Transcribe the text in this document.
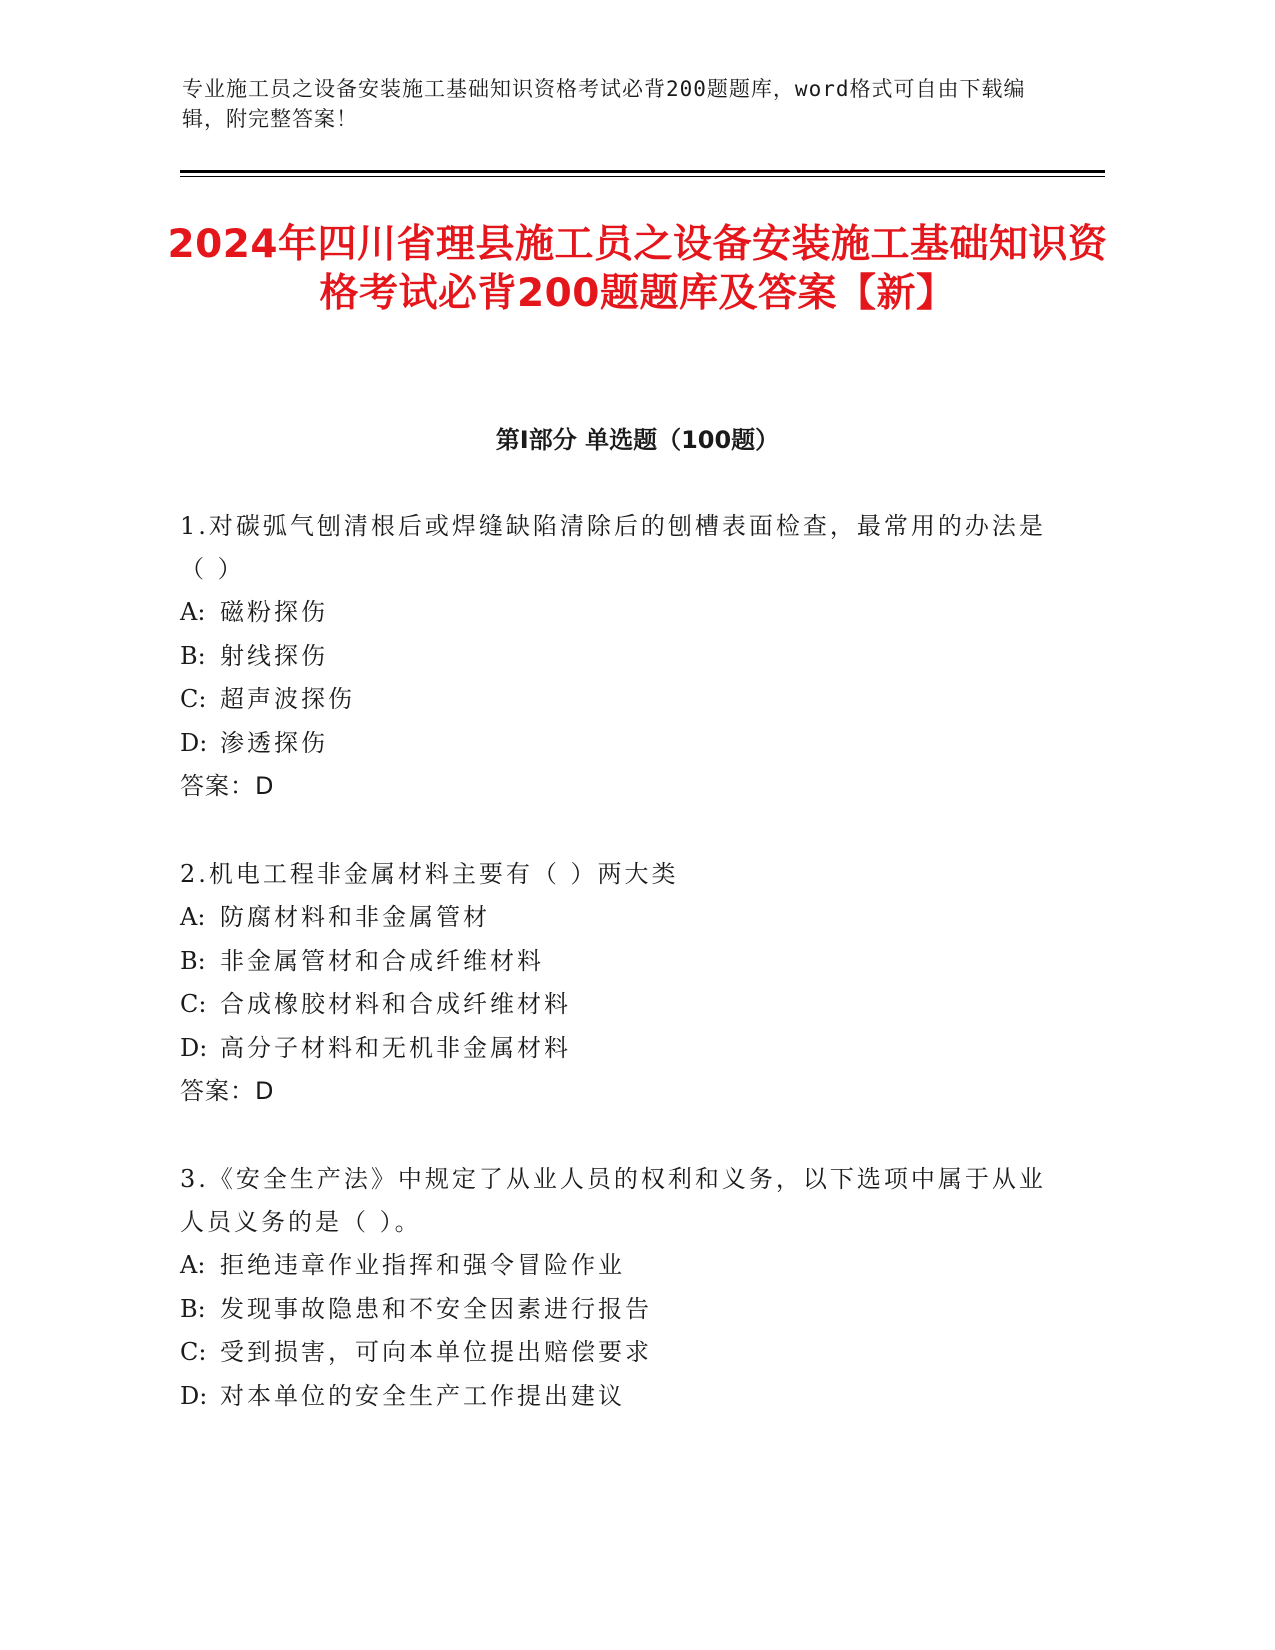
专业施工员之设备安装施工基础知识资格考试必背200题题库，word格式可自由下载编辑，附完整答案！
2024年四川省理县施工员之设备安装施工基础知识资格考试必背200题题库及答案【新】
第Ⅰ部分 单选题（100题）
1.对碳弧气刨清根后或焊缝缺陷清除后的刨槽表面检查，最常用的办法是（ ）
A: 磁粉探伤
B: 射线探伤
C: 超声波探伤
D: 渗透探伤
答案：D
2.机电工程非金属材料主要有（ ）两大类
A: 防腐材料和非金属管材
B: 非金属管材和合成纤维材料
C: 合成橡胶材料和合成纤维材料
D: 高分子材料和无机非金属材料
答案：D
3.《安全生产法》中规定了从业人员的权利和义务，以下选项中属于从业人员义务的是（ ）。
A: 拒绝违章作业指挥和强令冒险作业
B: 发现事故隐患和不安全因素进行报告
C: 受到损害，可向本单位提出赔偿要求
D: 对本单位的安全生产工作提出建议
